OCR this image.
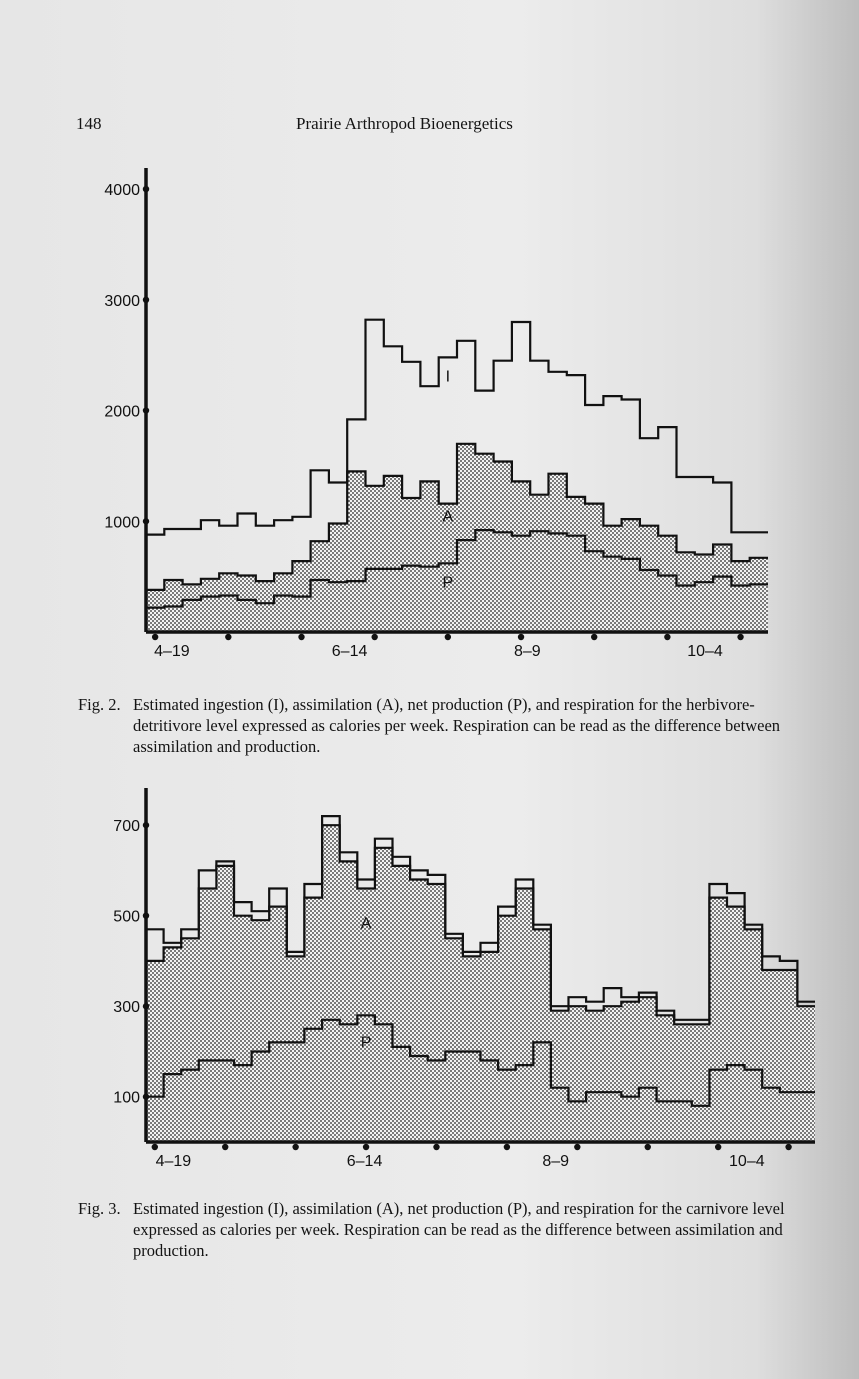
148	Prairie Arthropod Bioenergetics
1000
2000
3000
4000
4–19	6–14	8–9	10–4
I
A
P
Fig. 2. Estimated ingestion (I), assimilation (A), net production (P), and respiration for the herbivore-detritivore level expressed as calories per week. Respiration can be read as the difference between assimilation and production.
100
300
500
700
4–19	6–14	8–9	10–4
A
P
Fig. 3. Estimated ingestion (I), assimilation (A), net production (P), and respiration for the carnivore level expressed as calories per week. Respiration can be read as the difference between assimilation and production.
